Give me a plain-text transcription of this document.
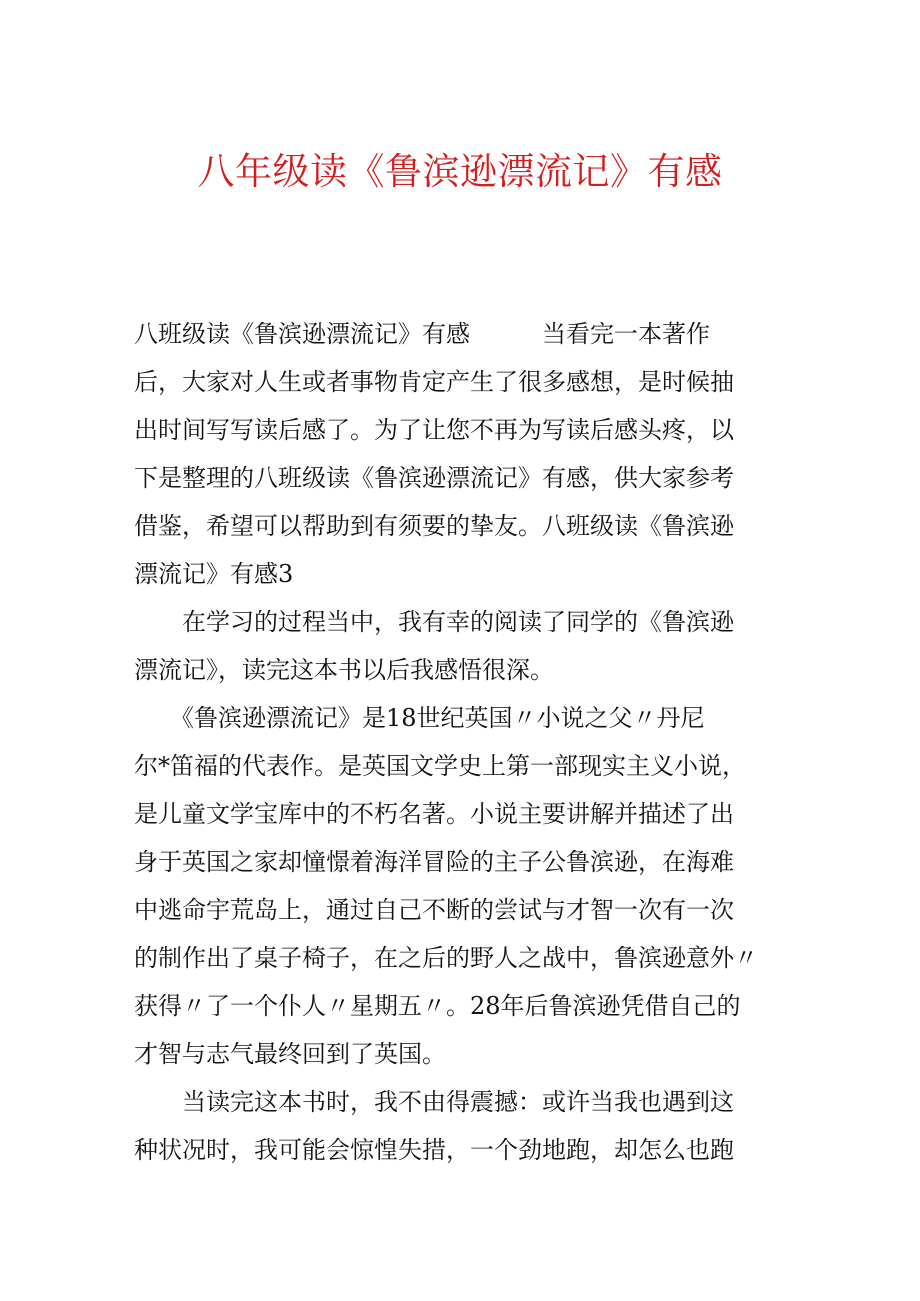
八年级读《鲁滨逊漂流记》有感
八班级读《鲁滨逊漂流记》有感　　　当看完一本著作
后，大家对人生或者事物肯定产生了很多感想，是时候抽
出时间写写读后感了。为了让您不再为写读后感头疼，以
下是整理的八班级读《鲁滨逊漂流记》有感，供大家参考
借鉴，希望可以帮助到有须要的挚友。八班级读《鲁滨逊
漂流记》有感3
　　在学习的过程当中，我有幸的阅读了同学的《鲁滨逊
漂流记》，读完这本书以后我感悟很深。
　　《鲁滨逊漂流记》是18世纪英国〃小说之父〃丹尼
尔*笛福的代表作。是英国文学史上第一部现实主义小说，
是儿童文学宝库中的不朽名著。小说主要讲解并描述了出
身于英国之家却憧憬着海洋冒险的主子公鲁滨逊，在海难
中逃命宇荒岛上，通过自己不断的尝试与才智一次有一次
的制作出了桌子椅子，在之后的野人之战中，鲁滨逊意外〃
获得〃了一个仆人〃星期五〃。28年后鲁滨逊凭借自己的
才智与志气最终回到了英国。
　　当读完这本书时，我不由得震撼：或许当我也遇到这
种状况时，我可能会惊惶失措，一个劲地跑，却怎么也跑
